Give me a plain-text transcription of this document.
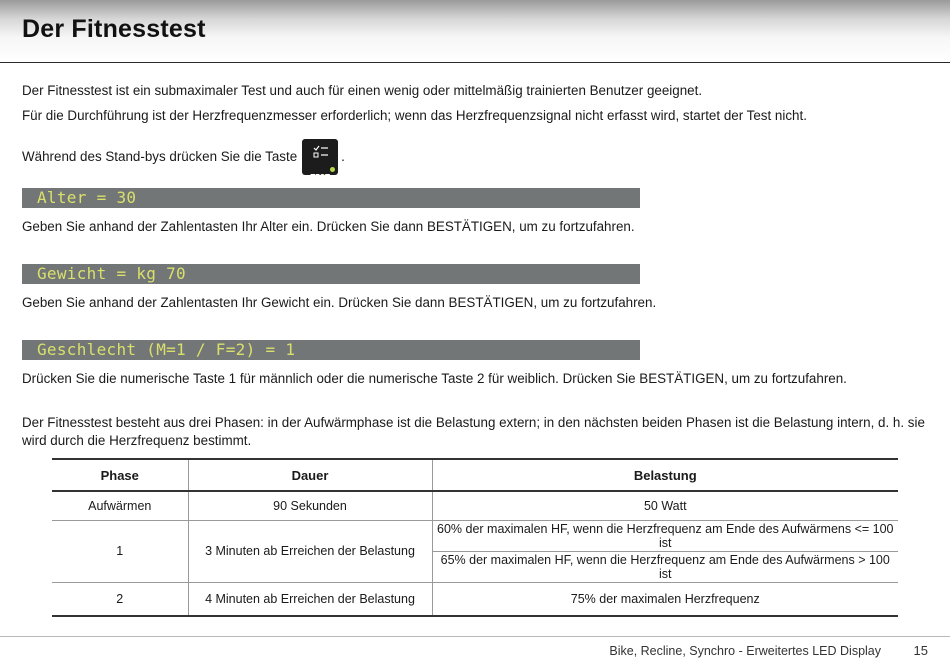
Der Fitnesstest
Der Fitnesstest ist ein submaximaler Test und auch für einen wenig oder mittelmäßig trainierten Benutzer geeignet.
Für die Durchführung ist der Herzfrequenzmesser erforderlich; wenn das Herzfrequenzsignal nicht erfasst wird, startet der Test nicht.
Während des Stand-bys drücken Sie die Taste
TEST
.
Alter = 30
Geben Sie anhand der Zahlentasten Ihr Alter ein. Drücken Sie dann BESTÄTIGEN, um zu fortzufahren.
Gewicht = kg 70
Geben Sie anhand der Zahlentasten Ihr Gewicht ein. Drücken Sie dann BESTÄTIGEN, um zu fortzufahren.
Geschlecht (M=1 / F=2) = 1
Drücken Sie die numerische Taste 1 für männlich oder die numerische Taste 2 für weiblich. Drücken Sie BESTÄTIGEN, um zu fortzufahren.
Der Fitnesstest besteht aus drei Phasen: in der Aufwärmphase ist die Belastung extern; in den nächsten beiden Phasen ist die Belastung intern, d. h. sie wird durch die Herzfrequenz bestimmt.
Phase	Dauer	Belastung
Aufwärmen	90 Sekunden	50 Watt
1	3 Minuten ab Erreichen der Belastung	60% der maximalen HF, wenn die Herzfrequenz am Ende des Aufwärmens <= 100 ist
		65% der maximalen HF, wenn die Herzfrequenz am Ende des Aufwärmens > 100 ist
2	4 Minuten ab Erreichen der Belastung	75% der maximalen Herzfrequenz
Bike, Recline, Synchro - Erweitertes LED Display	15
